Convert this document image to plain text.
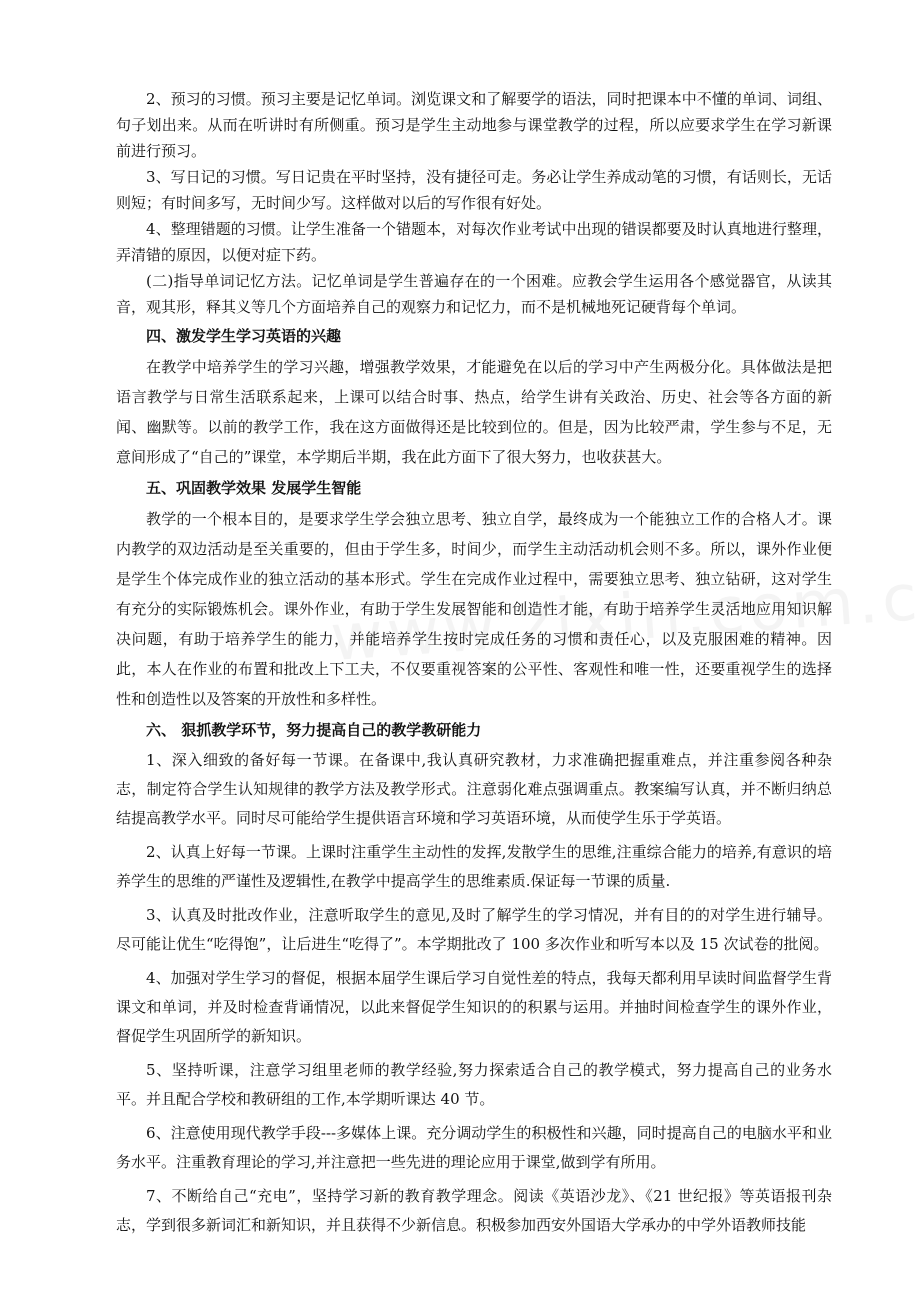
2、预习的习惯。预习主要是记忆单词。浏览课文和了解要学的语法，同时把课本中不懂的单词、词组、句子划出来。从而在听讲时有所侧重。预习是学生主动地参与课堂教学的过程，所以应要求学生在学习新课前进行预习。

3、写日记的习惯。写日记贵在平时坚持，没有捷径可走。务必让学生养成动笔的习惯，有话则长，无话则短；有时间多写，无时间少写。这样做对以后的写作很有好处。

4、整理错题的习惯。让学生准备一个错题本，对每次作业考试中出现的错误都要及时认真地进行整理，弄清错的原因，以便对症下药。

(二)指导单词记忆方法。记忆单词是学生普遍存在的一个困难。应教会学生运用各个感觉器官，从读其音，观其形，释其义等几个方面培养自己的观察力和记忆力，而不是机械地死记硬背每个单词。

四、激发学生学习英语的兴趣

在教学中培养学生的学习兴趣，增强教学效果，才能避免在以后的学习中产生两极分化。具体做法是把语言教学与日常生活联系起来，上课可以结合时事、热点，给学生讲有关政治、历史、社会等各方面的新闻、幽默等。以前的教学工作，我在这方面做得还是比较到位的。但是，因为比较严肃，学生参与不足，无意间形成了“自己的”课堂，本学期后半期，我在此方面下了很大努力，也收获甚大。

五、巩固教学效果 发展学生智能

教学的一个根本目的，是要求学生学会独立思考、独立自学，最终成为一个能独立工作的合格人才。课内教学的双边活动是至关重要的，但由于学生多，时间少，而学生主动活动机会则不多。所以，课外作业便是学生个体完成作业的独立活动的基本形式。学生在完成作业过程中，需要独立思考、独立钻研，这对学生有充分的实际锻炼机会。课外作业，有助于学生发展智能和创造性才能，有助于培养学生灵活地应用知识解决问题，有助于培养学生的能力，并能培养学生按时完成任务的习惯和责任心，以及克服困难的精神。因此，本人在作业的布置和批改上下工夫，不仅要重视答案的公平性、客观性和唯一性，还要重视学生的选择性和创造性以及答案的开放性和多样性。

六、 狠抓教学环节，努力提高自己的教学教研能力

1、深入细致的备好每一节课。在备课中,我认真研究教材，力求准确把握重难点，并注重参阅各种杂志，制定符合学生认知规律的教学方法及教学形式。注意弱化难点强调重点。教案编写认真，并不断归纳总结提高教学水平。同时尽可能给学生提供语言环境和学习英语环境，从而使学生乐于学英语。

2、认真上好每一节课。上课时注重学生主动性的发挥,发散学生的思维,注重综合能力的培养,有意识的培养学生的思维的严谨性及逻辑性,在教学中提高学生的思维素质.保证每一节课的质量.

3、认真及时批改作业，注意听取学生的意见,及时了解学生的学习情况，并有目的的对学生进行辅导。尽可能让优生“吃得饱”，让后进生“吃得了”。本学期批改了 100 多次作业和听写本以及 15 次试卷的批阅。

4、加强对学生学习的督促，根据本届学生课后学习自觉性差的特点，我每天都利用早读时间监督学生背课文和单词，并及时检查背诵情况，以此来督促学生知识的的积累与运用。并抽时间检查学生的课外作业，督促学生巩固所学的新知识。

5、坚持听课，注意学习组里老师的教学经验,努力探索适合自己的教学模式，努力提高自己的业务水平。并且配合学校和教研组的工作,本学期听课达 40 节。

6、注意使用现代教学手段---多媒体上课。充分调动学生的积极性和兴趣，同时提高自己的电脑水平和业务水平。注重教育理论的学习,并注意把一些先进的理论应用于课堂,做到学有所用。

7、不断给自己“充电”，坚持学习新的教育教学理念。阅读《英语沙龙》、《21 世纪报》等英语报刊杂志，学到很多新词汇和新知识，并且获得不少新信息。积极参加西安外国语大学承办的中学外语教师技能
